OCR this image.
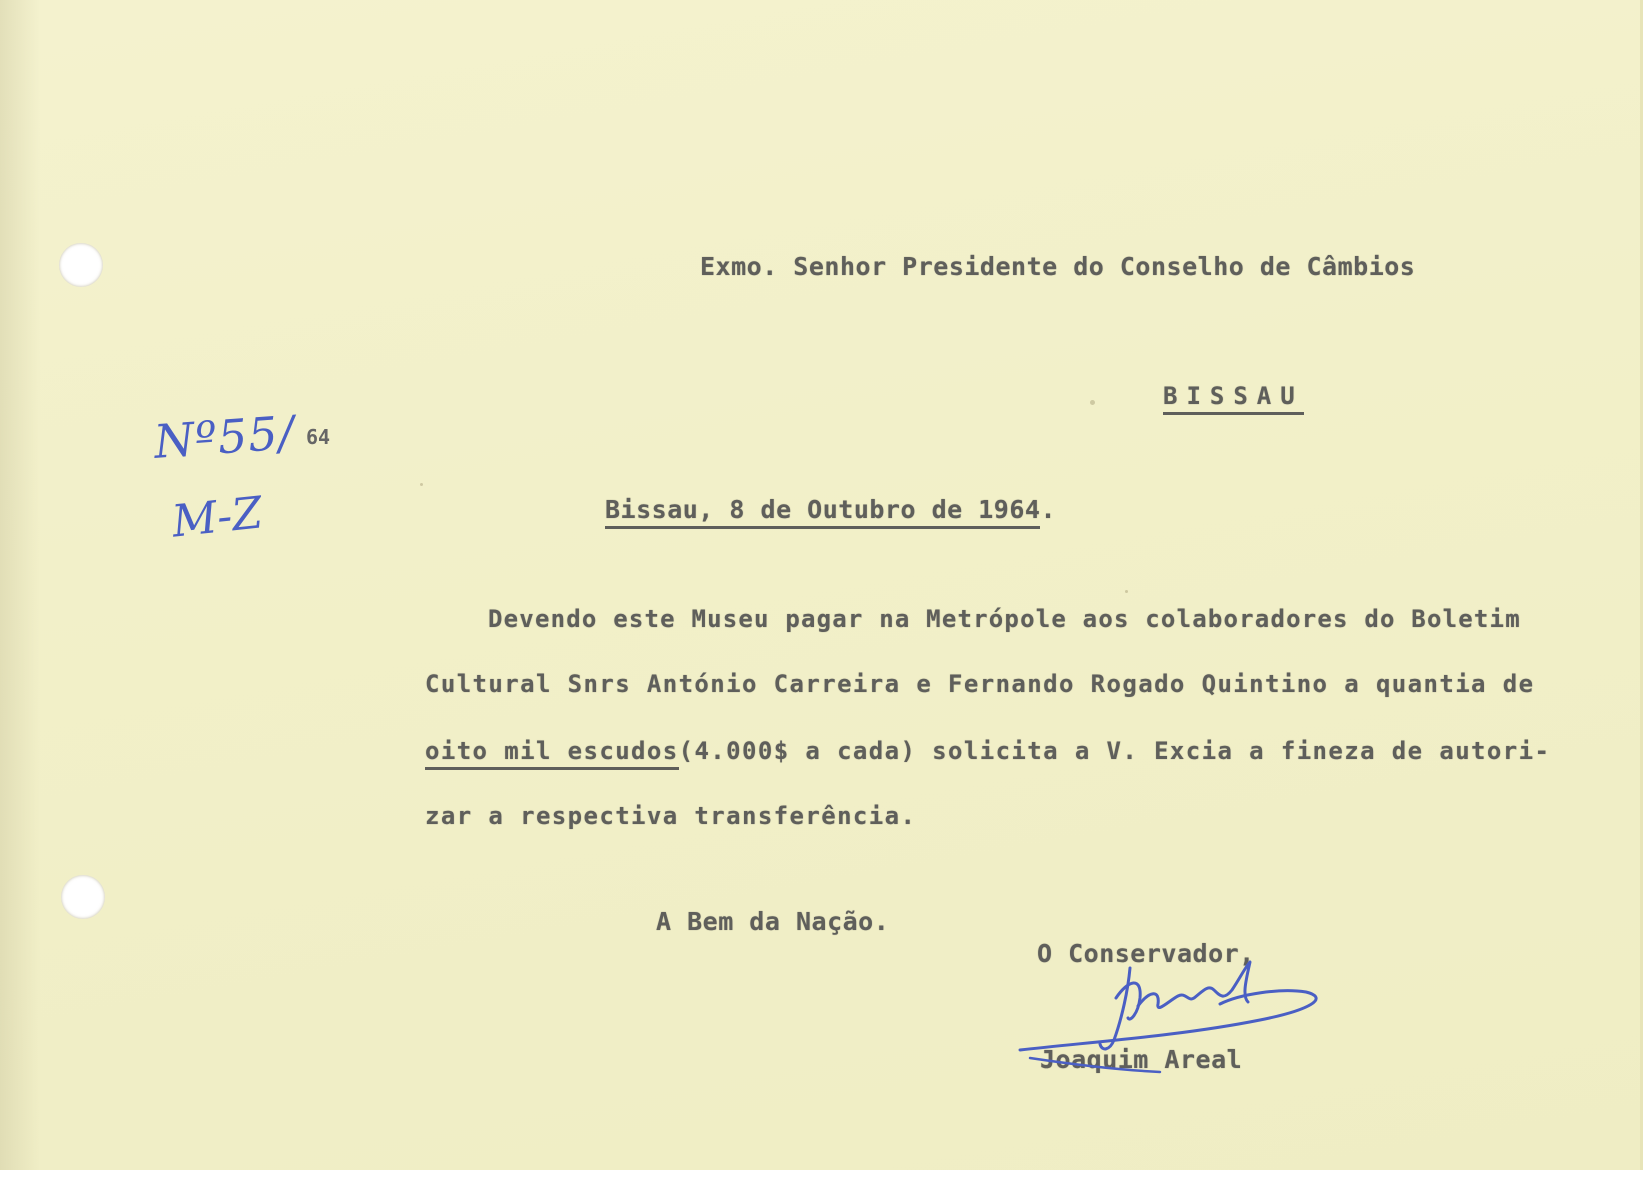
Nº55/ 64
M-Z

Exmo. Senhor Presidente do Conselho de Câmbios

BISSAU

Bissau, 8 de Outubro de 1964.

Devendo este Museu pagar na Metrópole aos colaboradores do Boletim

Cultural Snrs António Carreira e Fernando Rogado Quintino a quantia de

oito mil escudos(4.000$ a cada) solicita a V. Excia a fineza de autori-

zar a respectiva transferência.

A Bem da Nação.

O Conservador,

Joaquim Areal
